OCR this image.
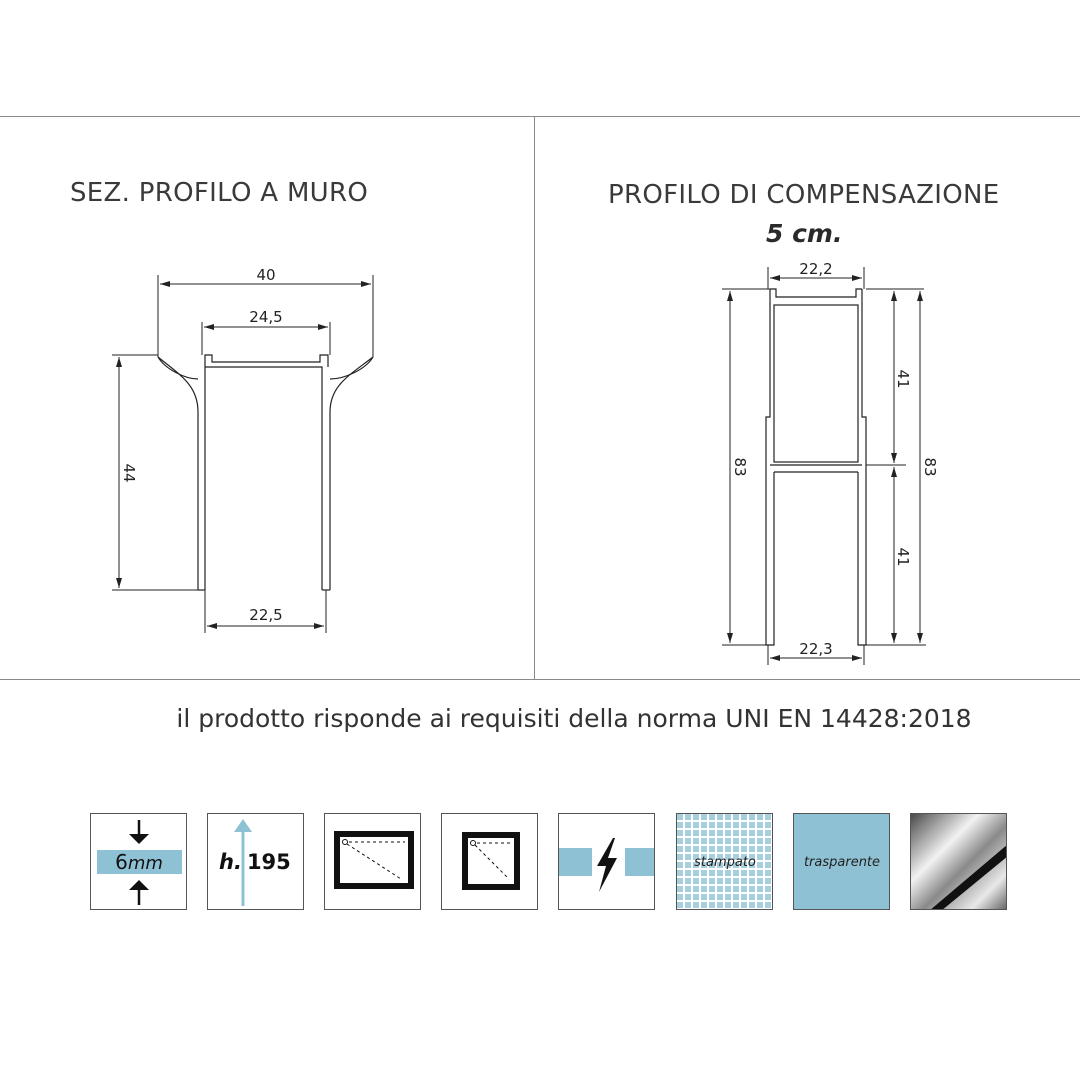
SEZ. PROFILO A MURO
40
24,5
44
22,5
PROFILO DI COMPENSAZIONE
5 cm.
22,2
83
41
41
83
22,3
il prodotto risponde ai requisiti della norma UNI EN 14428:2018
6mm	h. 195	stampato	trasparente
